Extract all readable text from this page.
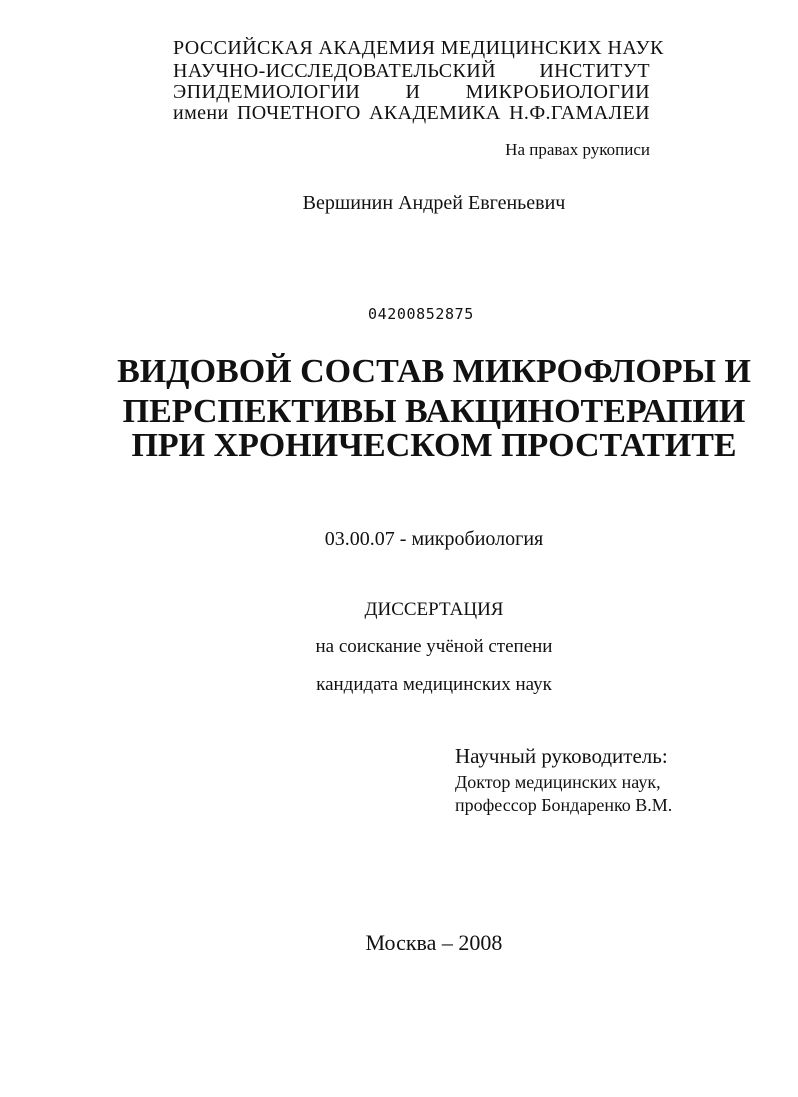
РОССИЙСКАЯ АКАДЕМИЯ МЕДИЦИНСКИХ НАУК
НАУЧНО-ИССЛЕДОВАТЕЛЬСКИЙ ИНСТИТУТ
ЭПИДЕМИОЛОГИИ И МИКРОБИОЛОГИИ
имени ПОЧЕТНОГО АКАДЕМИКА Н.Ф.ГАМАЛЕИ
На правах рукописи
Вершинин Андрей Евгеньевич
04200852875
ВИДОВОЙ СОСТАВ МИКРОФЛОРЫ И
ПЕРСПЕКТИВЫ ВАКЦИНОТЕРАПИИ
ПРИ ХРОНИЧЕСКОМ ПРОСТАТИТЕ
03.00.07 - микробиология
ДИССЕРТАЦИЯ
на соискание учёной степени
кандидата медицинских наук
Научный руководитель:
Доктор медицинских наук,
профессор Бондаренко В.М.
Москва – 2008
